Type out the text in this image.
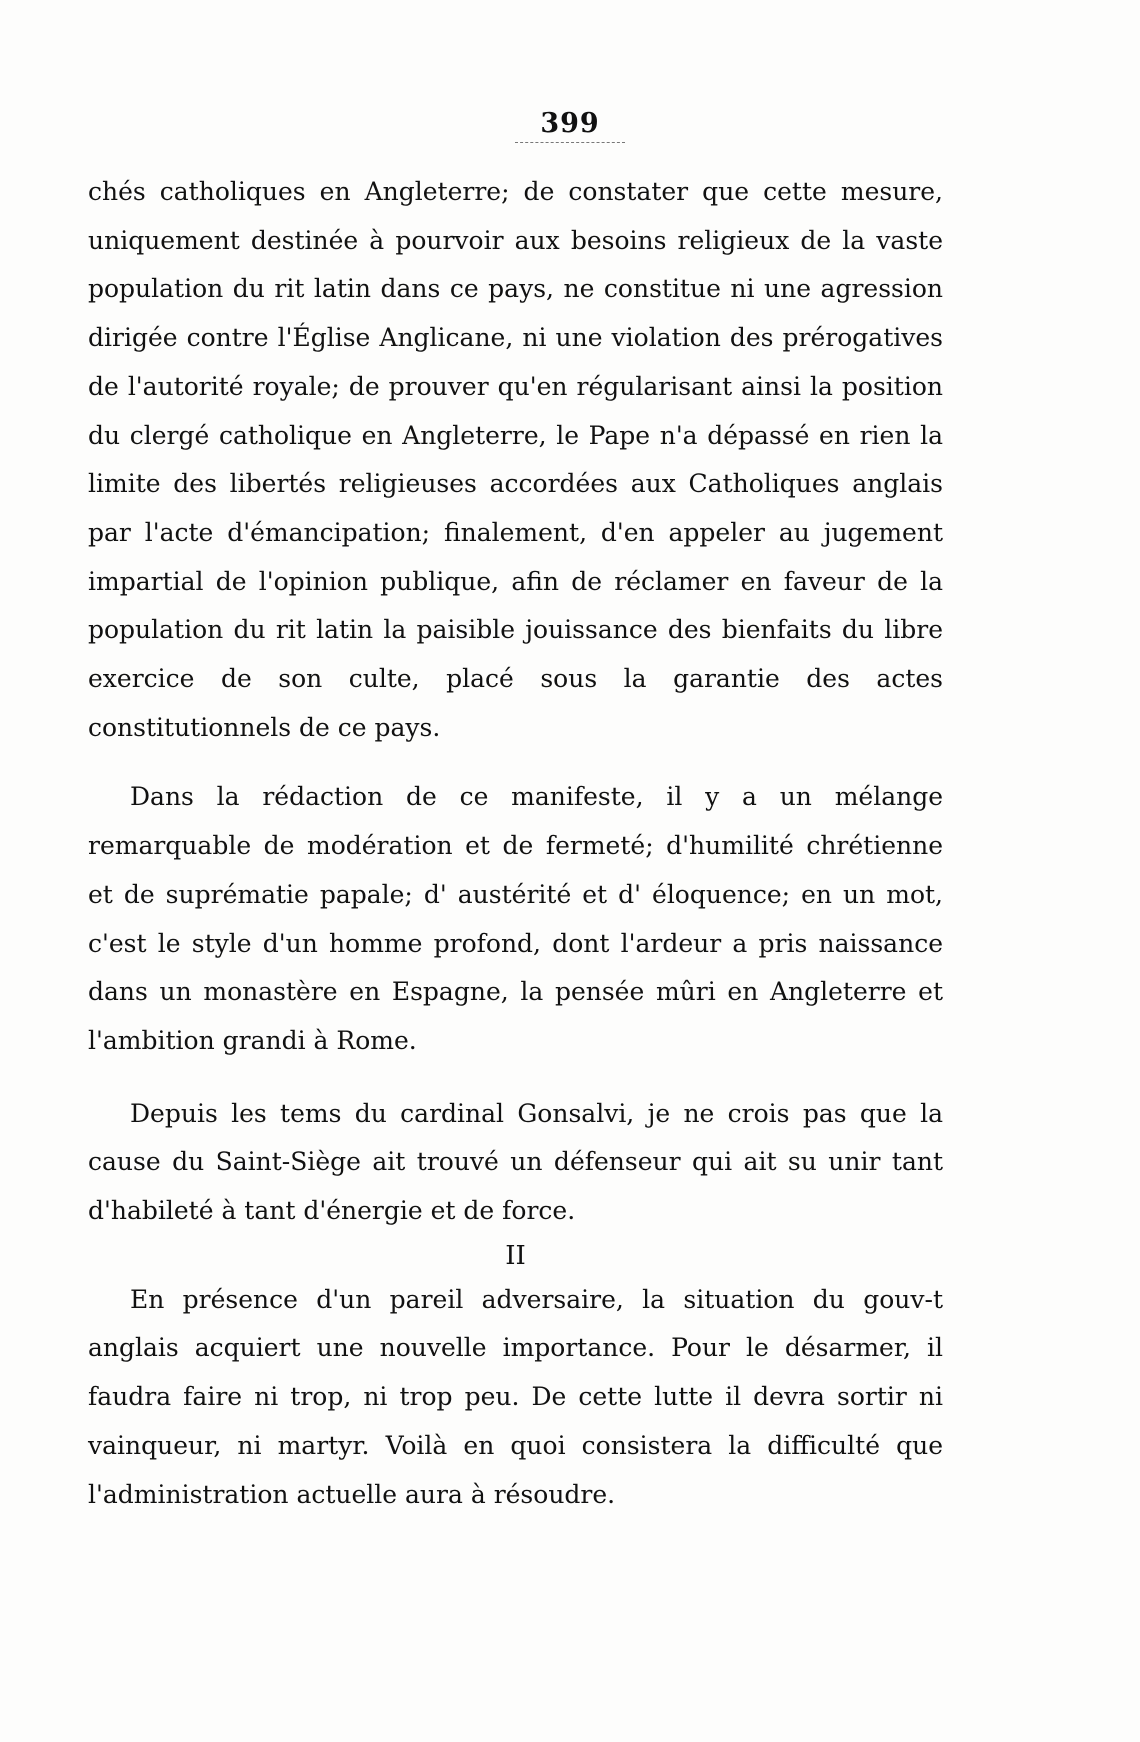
399

chés catholiques en Angleterre; de constater que cette mesure, uniquement destinée à pourvoir aux besoins religieux de la vaste population du rit latin dans ce pays, ne constitue ni une agression dirigée contre l'Église Anglicane, ni une violation des prérogatives de l'autorité royale; de prouver qu'en régularisant ainsi la position du clergé catholique en Angleterre, le Pape n'a dépassé en rien la limite des libertés religieuses accordées aux Catholiques anglais par l'acte d'émancipation; finalement, d'en appeler au jugement impartial de l'opinion publique, afin de réclamer en faveur de la population du rit latin la paisible jouissance des bienfaits du libre exercice de son culte, placé sous la garantie des actes constitutionnels de ce pays.

Dans la rédaction de ce manifeste, il y a un mélange remarquable de modération et de fermeté; d'humilité chrétienne et de suprématie papale; d' austérité et d' éloquence; en un mot, c'est le style d'un homme profond, dont l'ardeur a pris naissance dans un monastère en Espagne, la pensée mûri en Angleterre et l'ambition grandi à Rome.

Depuis les tems du cardinal Gonsalvi, je ne crois pas que la cause du Saint-Siège ait trouvé un défenseur qui ait su unir tant d'habileté à tant d'énergie et de force.

II

En présence d'un pareil adversaire, la situation du gouv-t anglais acquiert une nouvelle importance. Pour le désarmer, il faudra faire ni trop, ni trop peu. De cette lutte il devra sortir ni vainqueur, ni martyr. Voilà en quoi consistera la difficulté que l'administration actuelle aura à résoudre.
